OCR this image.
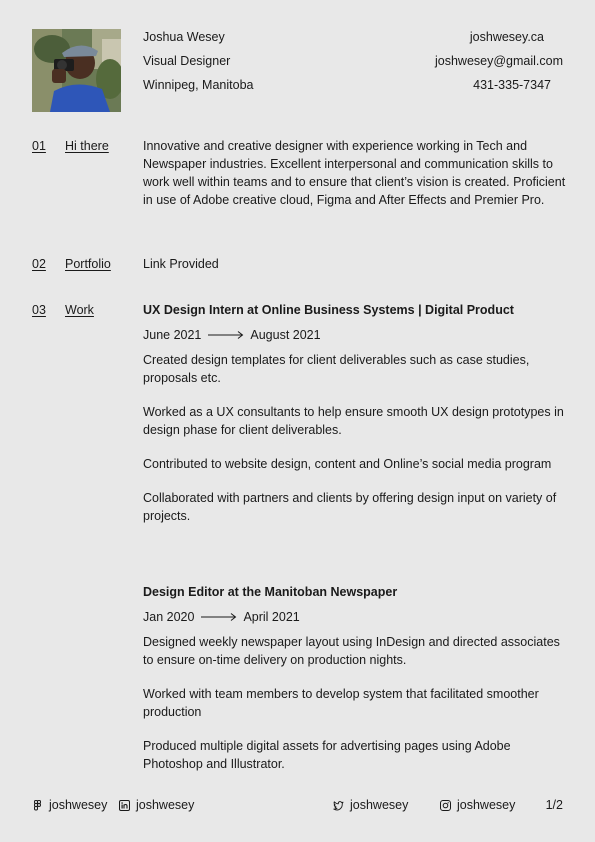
Joshua Wesey
Visual Designer
Winnipeg, Manitoba
joshwesey.ca
joshwesey@gmail.com
431-335-7347
01 Hi there	Innovative and creative designer with experience working in Tech and Newspaper industries. Excellent interpersonal and communication skills to work well within teams and to ensure that client’s vision is created. Proficient in use of Adobe creative cloud, Figma and After Effects and Premier Pro.

02 Portfolio	Link Provided

03 Work	UX Design Intern at Online Business Systems | Digital Product
June 2021	August 2021

Created design templates for client deliverables such as case studies, proposals etc.

Worked as a UX consultants to help ensure smooth UX design prototypes in design phase for client deliverables.

Contributed to website design, content and Online’s social media program

Collaborated with partners and clients by offering design input on variety of projects.

Design Editor at the Manitoban Newspaper
Jan 2020	April 2021

Designed weekly newspaper layout using InDesign and directed associates to ensure on-time delivery on production nights.

Worked with team members to develop system that facilitated smoother production

Produced multiple digital assets for advertising pages using Adobe Photoshop and Illustrator.

joshwesey joshwesey	joshwesey	joshwesey 1/2
